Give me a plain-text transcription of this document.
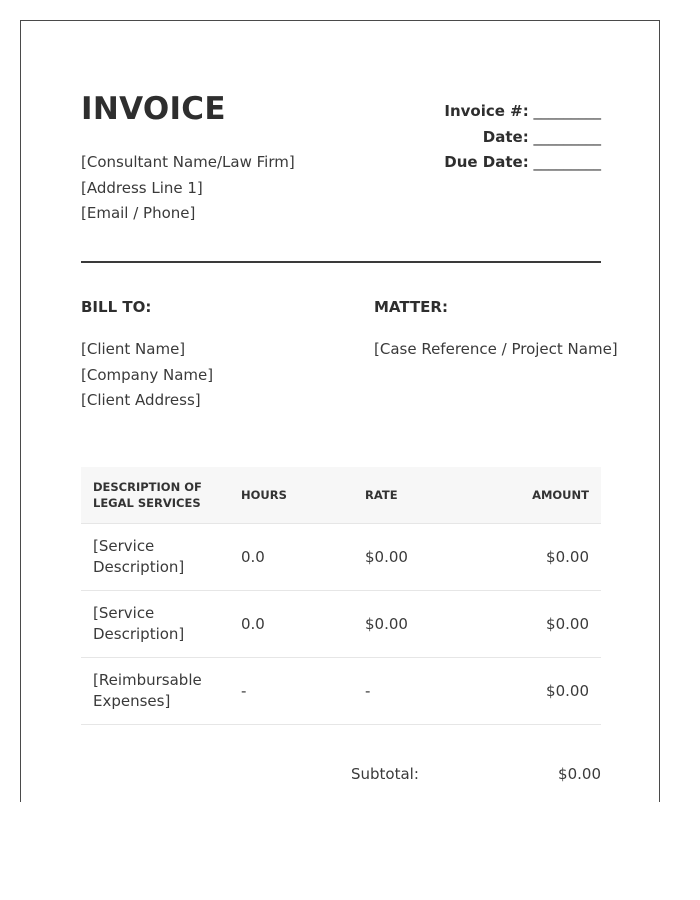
INVOICE
[Consultant Name/Law Firm]
[Address Line 1]
[Email / Phone]
Invoice #: _________
Date: _________
Due Date: _________
BILL TO:	MATTER:
[Client Name]
[Company Name]
[Client Address]
[Case Reference / Project Name]
DESCRIPTION OF
LEGAL SERVICES	HOURS	RATE	AMOUNT
[Service
Description]	0.0	$0.00	$0.00
[Service
Description]	0.0	$0.00	$0.00
[Reimbursable
Expenses]	-	-	$0.00
Subtotal:	$0.00
